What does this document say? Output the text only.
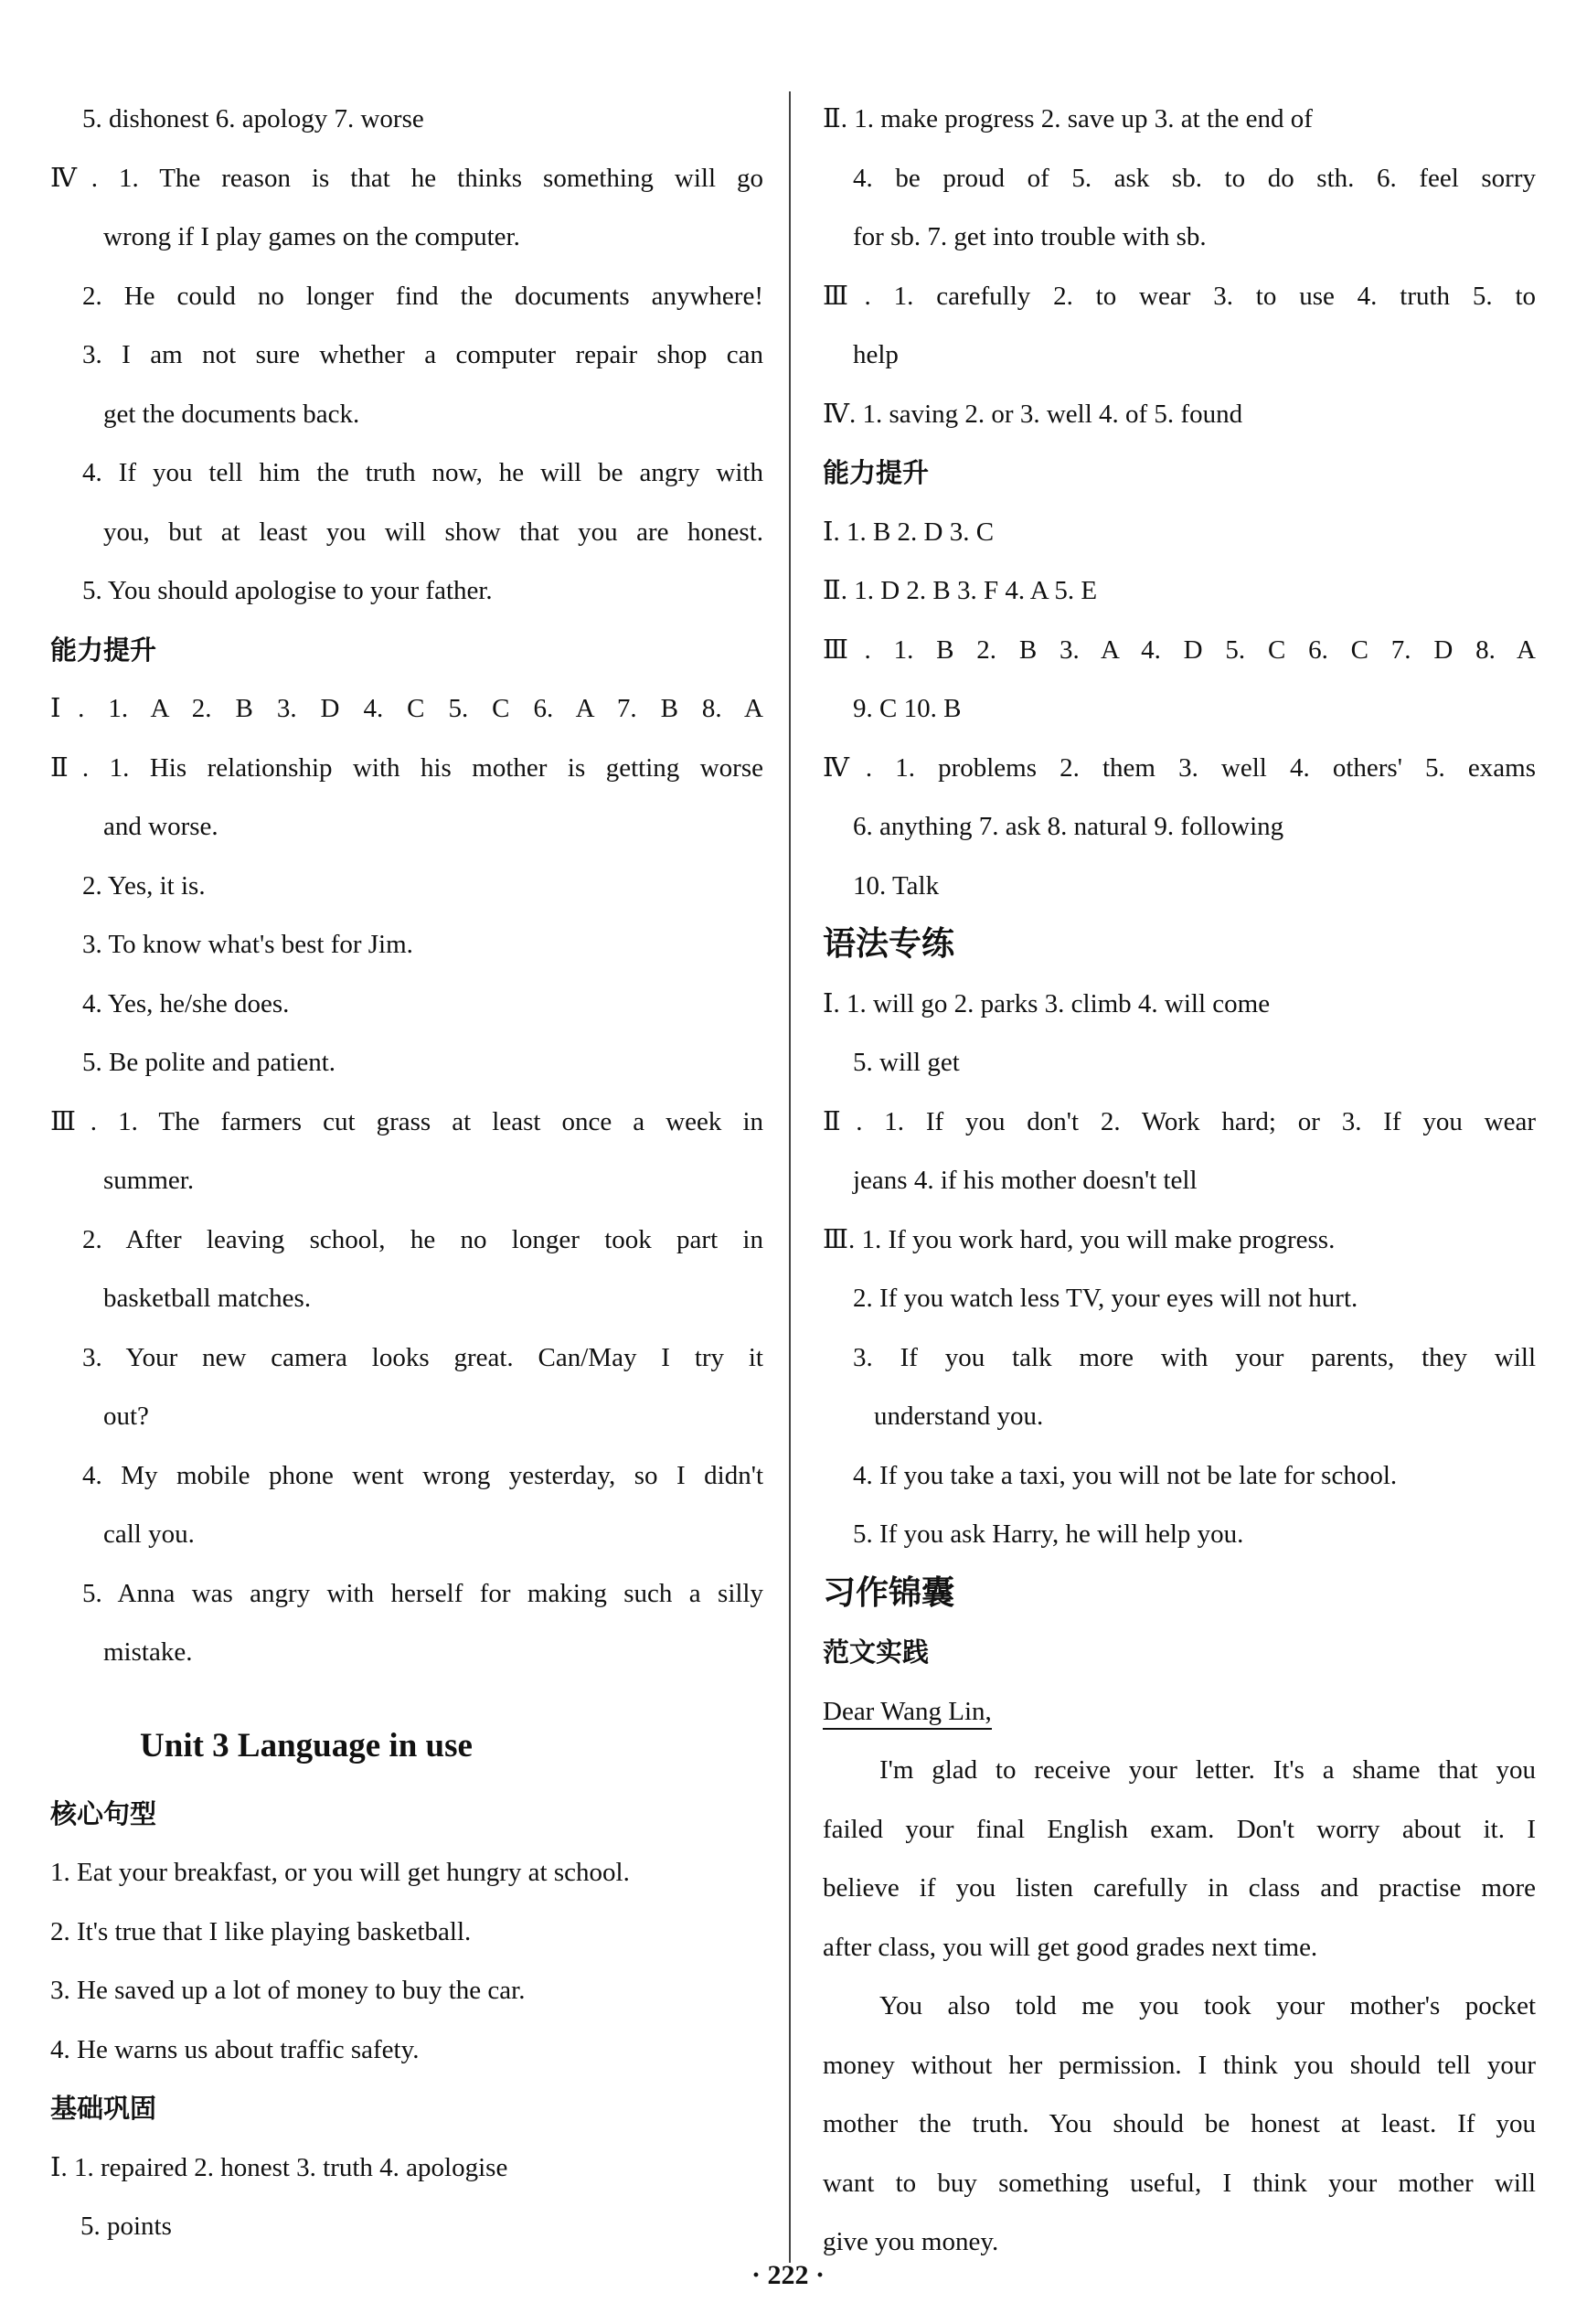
5. dishonest 6. apology 7. worse
Ⅳ. 1. The reason is that he thinks something will go
wrong if I play games on the computer.
2. He could no longer find the documents anywhere!
3. I am not sure whether a computer repair shop can
get the documents back.
4. If you tell him the truth now, he will be angry with
you, but at least you will show that you are honest.
5. You should apologise to your father.
能力提升
Ⅰ. 1. A 2. B 3. D 4. C 5. C 6. A 7. B 8. A
Ⅱ. 1. His relationship with his mother is getting worse
and worse.
2. Yes, it is.
3. To know what's best for Jim.
4. Yes, he/she does.
5. Be polite and patient.
Ⅲ. 1. The farmers cut grass at least once a week in
summer.
2. After leaving school, he no longer took part in
basketball matches.
3. Your new camera looks great. Can/May I try it
out?
4. My mobile phone went wrong yesterday, so I didn't
call you.
5. Anna was angry with herself for making such a silly
mistake.
Unit 3 Language in use
核心句型
1. Eat your breakfast, or you will get hungry at school.
2. It's true that I like playing basketball.
3. He saved up a lot of money to buy the car.
4. He warns us about traffic safety.
基础巩固
Ⅰ. 1. repaired 2. honest 3. truth 4. apologise
5. points
Ⅱ. 1. make progress 2. save up 3. at the end of
4. be proud of 5. ask sb. to do sth. 6. feel sorry
for sb. 7. get into trouble with sb.
Ⅲ. 1. carefully 2. to wear 3. to use 4. truth 5. to
help
Ⅳ. 1. saving 2. or 3. well 4. of 5. found
能力提升
Ⅰ. 1. B 2. D 3. C
Ⅱ. 1. D 2. B 3. F 4. A 5. E
Ⅲ. 1. B 2. B 3. A 4. D 5. C 6. C 7. D 8. A
9. C 10. B
Ⅳ. 1. problems 2. them 3. well 4. others' 5. exams
6. anything 7. ask 8. natural 9. following
10. Talk
语法专练
Ⅰ. 1. will go 2. parks 3. climb 4. will come
5. will get
Ⅱ. 1. If you don't 2. Work hard; or 3. If you wear
jeans 4. if his mother doesn't tell
Ⅲ. 1. If you work hard, you will make progress.
2. If you watch less TV, your eyes will not hurt.
3. If you talk more with your parents, they will
understand you.
4. If you take a taxi, you will not be late for school.
5. If you ask Harry, he will help you.
习作锦囊
范文实践
Dear Wang Lin,
I'm glad to receive your letter. It's a shame that you
failed your final English exam. Don't worry about it. I
believe if you listen carefully in class and practise more
after class, you will get good grades next time.
You also told me you took your mother's pocket
money without her permission. I think you should tell your
mother the truth. You should be honest at least. If you
want to buy something useful, I think your mother will
give you money.
· 222 ·
